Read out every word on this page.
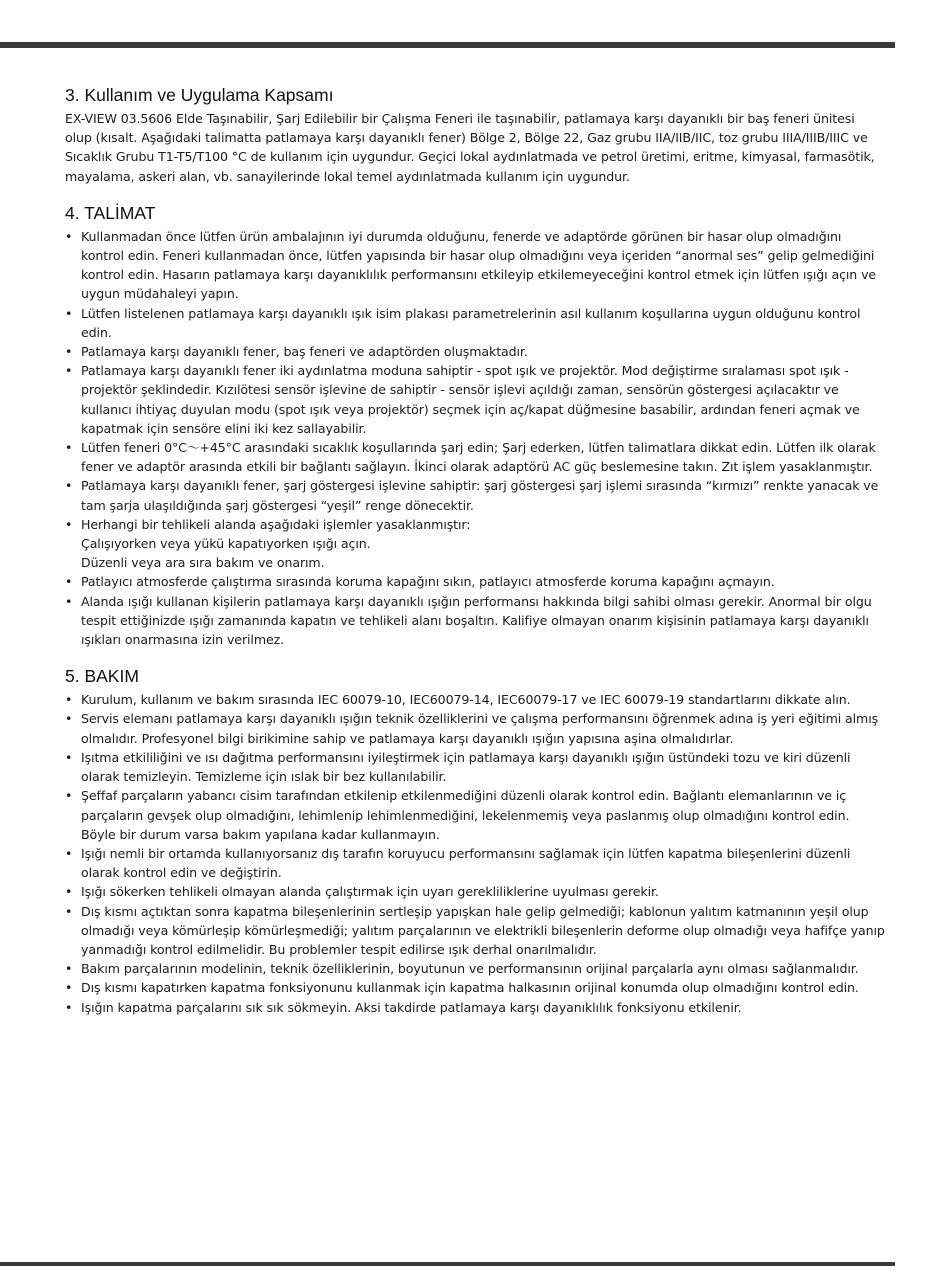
3. Kullanım ve Uygulama Kapsamı

EX-VIEW 03.5606 Elde Taşınabilir, Şarj Edilebilir bir Çalışma Feneri ile taşınabilir, patlamaya karşı dayanıklı bir baş feneri ünitesi olup (kısalt. Aşağıdaki talimatta patlamaya karşı dayanıklı fener) Bölge 2, Bölge 22, Gaz grubu IIA/IIB/IIC, toz grubu IIIA/IIIB/IIIC ve Sıcaklık Grubu T1-T5/T100 °C de kullanım için uygundur. Geçici lokal aydınlatmada ve petrol üretimi, eritme, kimyasal, farmasötik, mayalama, askeri alan, vb. sanayilerinde lokal temel aydınlatmada kullanım için uygundur.

4. TALİMAT
• Kullanmadan önce lütfen ürün ambalajının iyi durumda olduğunu, fenerde ve adaptörde görünen bir hasar olup olmadığını kontrol edin. Feneri kullanmadan önce, lütfen yapısında bir hasar olup olmadığını veya içeriden “anormal ses” gelip gelmediğini kontrol edin. Hasarın patlamaya karşı dayanıklılık performansını etkileyip etkilemeyeceğini kontrol etmek için lütfen ışığı açın ve uygun müdahaleyi yapın.
• Lütfen listelenen patlamaya karşı dayanıklı ışık isim plakası parametrelerinin asıl kullanım koşullarına uygun olduğunu kontrol edin.
• Patlamaya karşı dayanıklı fener, baş feneri ve adaptörden oluşmaktadır.
• Patlamaya karşı dayanıklı fener iki aydınlatma moduna sahiptir - spot ışık ve projektör. Mod değiştirme sıralaması spot ışık - projektör şeklindedir. Kızılötesi sensör işlevine de sahiptir - sensör işlevi açıldığı zaman, sensörün göstergesi açılacaktır ve kullanıcı ihtiyaç duyulan modu (spot ışık veya projektör) seçmek için aç/kapat düğmesine basabilir, ardından feneri açmak ve kapatmak için sensöre elini iki kez sallayabilir.
• Lütfen feneri 0°C～+45°C arasındaki sıcaklık koşullarında şarj edin; Şarj ederken, lütfen talimatlara dikkat edin. Lütfen ilk olarak fener ve adaptör arasında etkili bir bağlantı sağlayın. İkinci olarak adaptörü AC güç beslemesine takın. Zıt işlem yasaklanmıştır.
• Patlamaya karşı dayanıklı fener, şarj göstergesi işlevine sahiptir: şarj göstergesi şarj işlemi sırasında “kırmızı” renkte yanacak ve tam şarja ulaşıldığında şarj göstergesi “yeşil” renge dönecektir.
• Herhangi bir tehlikeli alanda aşağıdaki işlemler yasaklanmıştır:
Çalışıyorken veya yükü kapatıyorken ışığı açın.
Düzenli veya ara sıra bakım ve onarım.
• Patlayıcı atmosferde çalıştırma sırasında koruma kapağını sıkın, patlayıcı atmosferde koruma kapağını açmayın.
• Alanda ışığı kullanan kişilerin patlamaya karşı dayanıklı ışığın performansı hakkında bilgi sahibi olması gerekir. Anormal bir olgu tespit ettiğinizde ışığı zamanında kapatın ve tehlikeli alanı boşaltın. Kalifiye olmayan onarım kişisinin patlamaya karşı dayanıklı ışıkları onarmasına izin verilmez.
5. BAKIM
• Kurulum, kullanım ve bakım sırasında IEC 60079-10, IEC60079-14, IEC60079-17 ve IEC 60079-19 standartlarını dikkate alın.
• Servis elemanı patlamaya karşı dayanıklı ışığın teknik özelliklerini ve çalışma performansını öğrenmek adına iş yeri eğitimi almış olmalıdır. Profesyonel bilgi birikimine sahip ve patlamaya karşı dayanıklı ışığın yapısına aşina olmalıdırlar.
• Işıtma etkililiğini ve ısı dağıtma performansını iyileştirmek için patlamaya karşı dayanıklı ışığın üstündeki tozu ve kiri düzenli olarak temizleyin. Temizleme için ıslak bir bez kullanılabilir.
• Şeffaf parçaların yabancı cisim tarafından etkilenip etkilenmediğini düzenli olarak kontrol edin. Bağlantı elemanlarının ve iç parçaların gevşek olup olmadığını, lehimlenip lehimlenmediğini, lekelenmemiş veya paslanmış olup olmadığını kontrol edin. Böyle bir durum varsa bakım yapılana kadar kullanmayın.
• Işığı nemli bir ortamda kullanıyorsanız dış tarafın koruyucu performansını sağlamak için lütfen kapatma bileşenlerini düzenli olarak kontrol edin ve değiştirin.
• Işığı sökerken tehlikeli olmayan alanda çalıştırmak için uyarı gerekliliklerine uyulması gerekir.
• Dış kısmı açtıktan sonra kapatma bileşenlerinin sertleşip yapışkan hale gelip gelmediği; kablonun yalıtım katmanının yeşil olup olmadığı veya kömürleşip kömürleşmediği; yalıtım parçalarının ve elektrikli bileşenlerin deforme olup olmadığı veya hafifçe yanıp yanmadığı kontrol edilmelidir. Bu problemler tespit edilirse ışık derhal onarılmalıdır.
• Bakım parçalarının modelinin, teknik özelliklerinin, boyutunun ve performansının orijinal parçalarla aynı olması sağlanmalıdır.
• Dış kısmı kapatırken kapatma fonksiyonunu kullanmak için kapatma halkasının orijinal konumda olup olmadığını kontrol edin.
• Işığın kapatma parçalarını sık sık sökmeyin. Aksi takdirde patlamaya karşı dayanıklılık fonksiyonu etkilenir.
